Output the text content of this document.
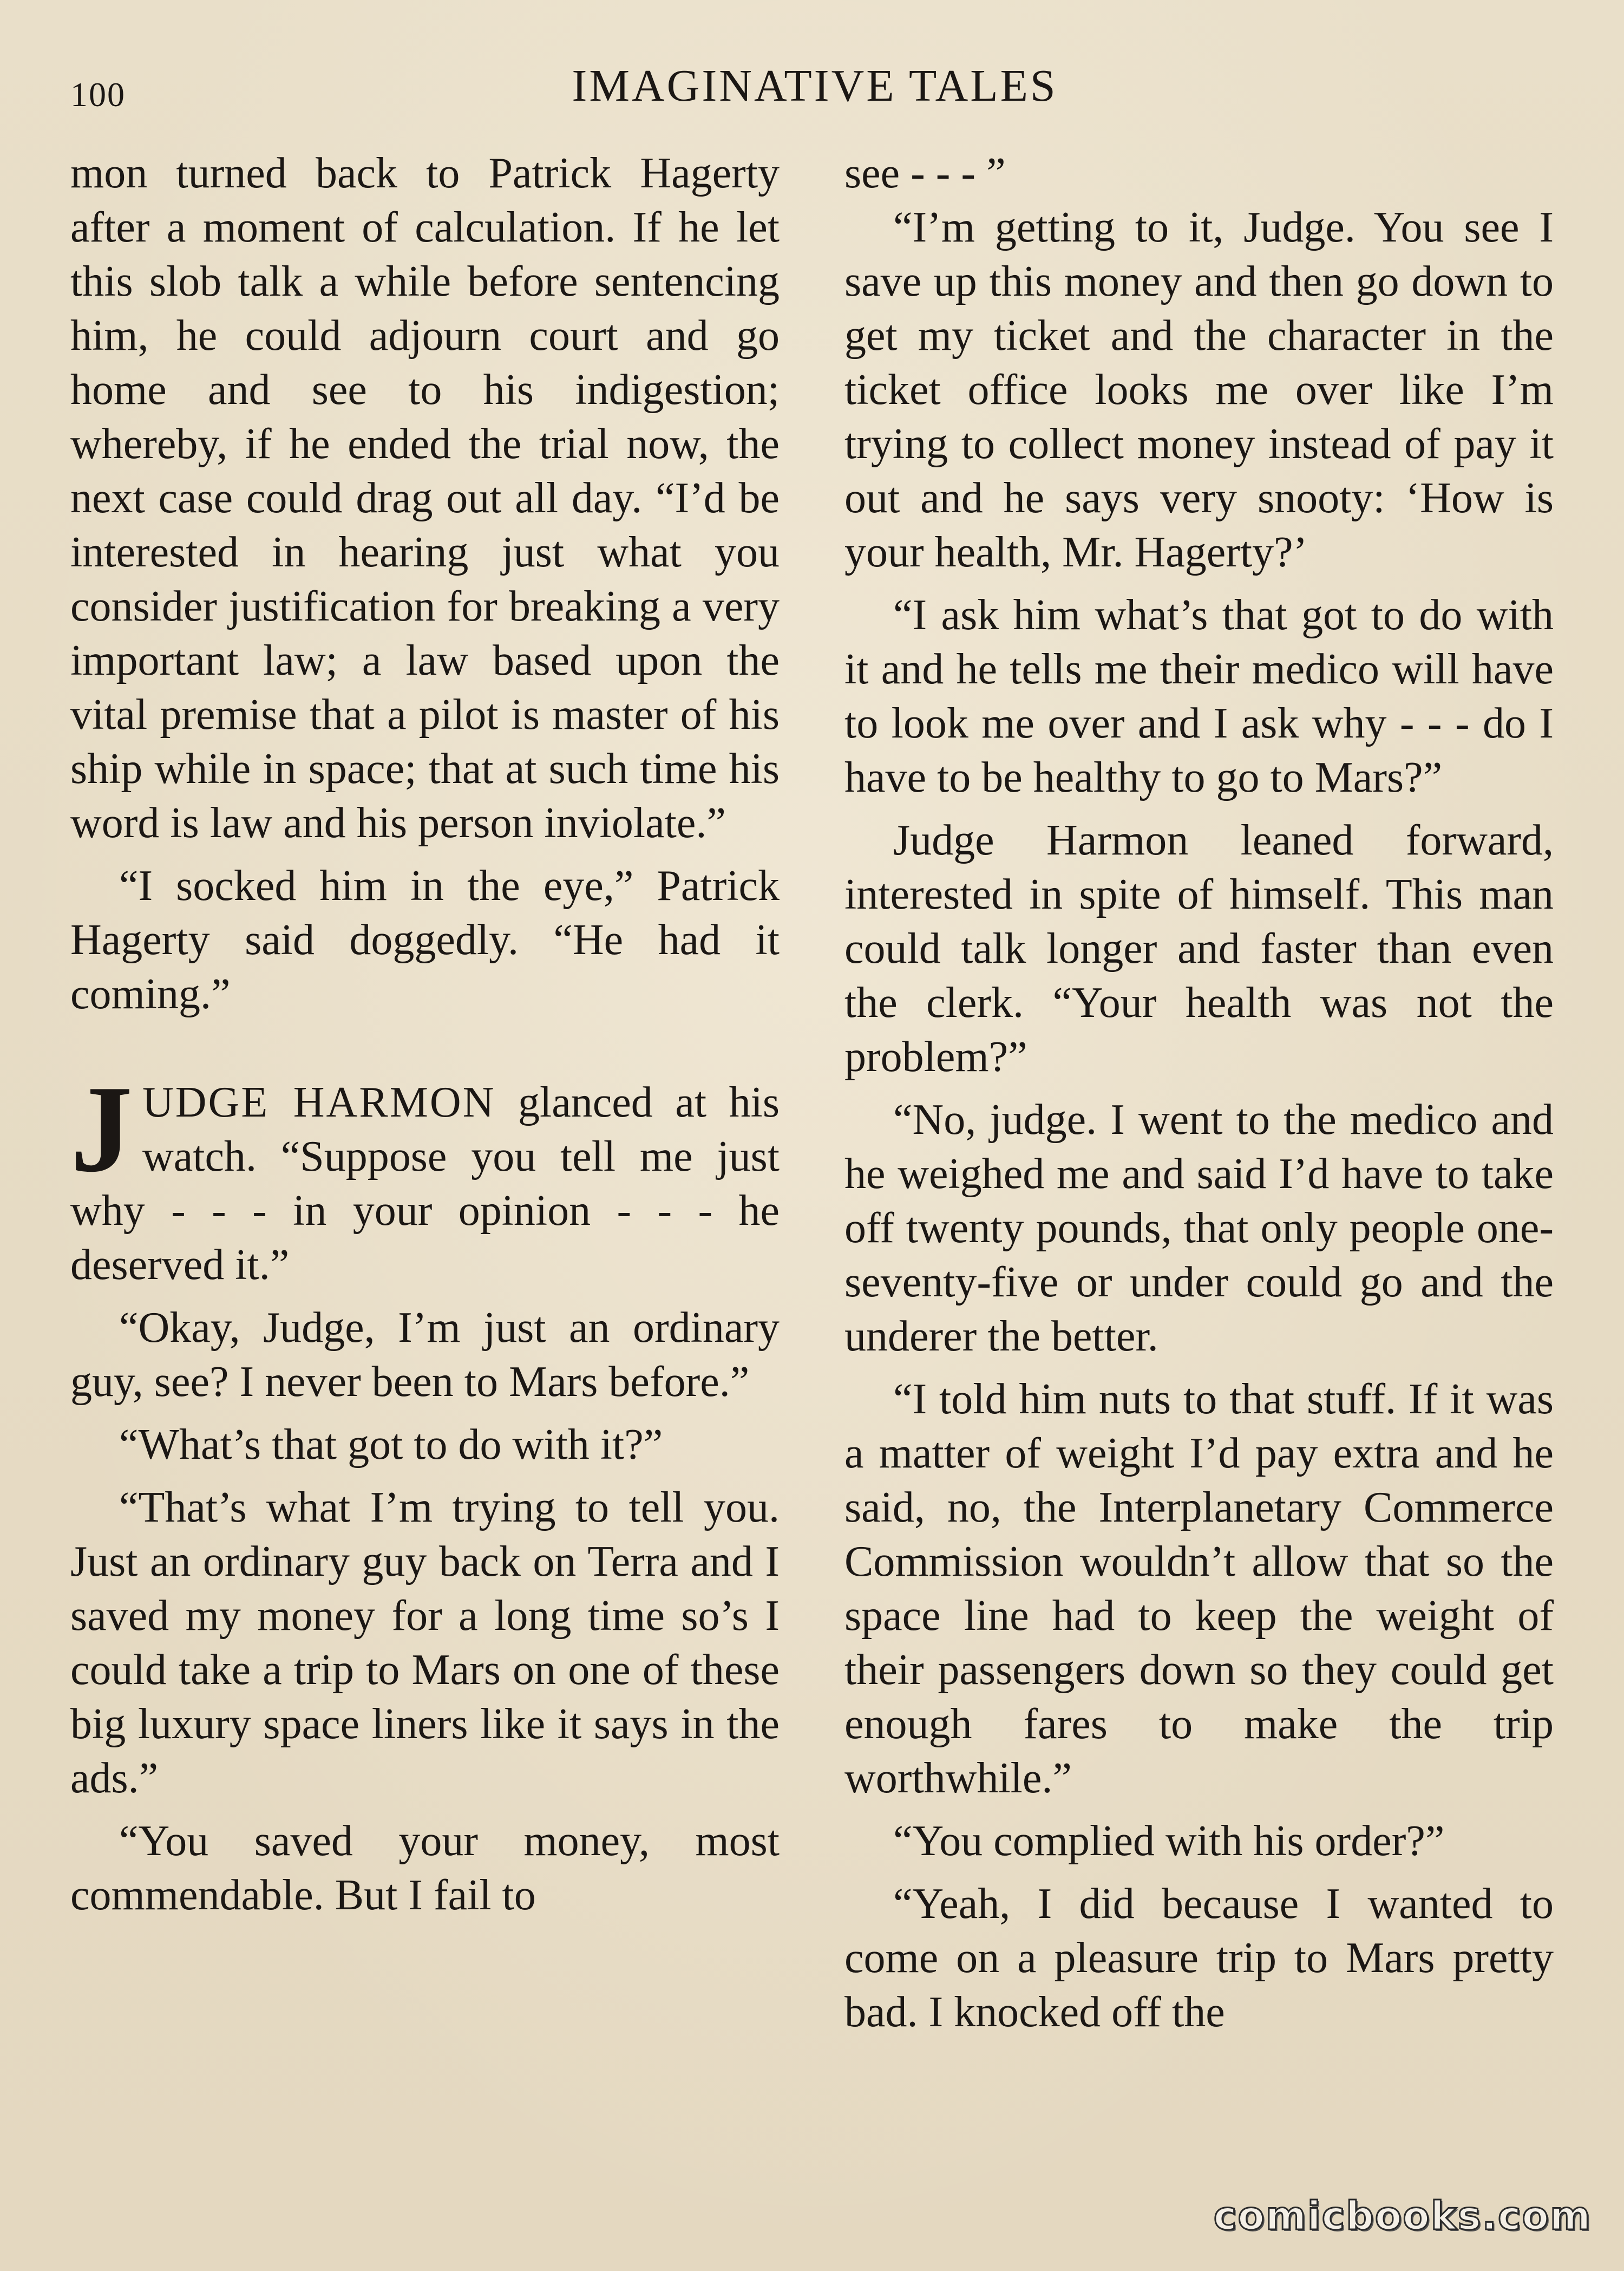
100	IMAGINATIVE TALES

mon turned back to Patrick Hagerty after a moment of calculation. If he let this slob talk a while before sentencing him, he could adjourn court and go home and see to his indigestion; whereby, if he ended the trial now, the next case could drag out all day. “I’d be interested in hearing just what you consider justification for breaking a very important law; a law based upon the vital premise that a pilot is master of his ship while in space; that at such time his word is law and his person inviolate.”

“I socked him in the eye,” Patrick Hagerty said doggedly. “He had it coming.”

JUDGE HARMON glanced at his watch. “Suppose you tell me just why - - - in your opinion - - - he deserved it.”

“Okay, Judge, I’m just an ordinary guy, see? I never been to Mars before.”

“What’s that got to do with it?”

“That’s what I’m trying to tell you. Just an ordinary guy back on Terra and I saved my money for a long time so’s I could take a trip to Mars on one of these big luxury space liners like it says in the ads.”

“You saved your money, most commendable. But I fail to

see - - - ”

“I’m getting to it, Judge. You see I save up this money and then go down to get my ticket and the character in the ticket office looks me over like I’m trying to collect money instead of pay it out and he says very snooty: ‘How is your health, Mr. Hagerty?’

“I ask him what’s that got to do with it and he tells me their medico will have to look me over and I ask why - - - do I have to be healthy to go to Mars?”

Judge Harmon leaned forward, interested in spite of himself. This man could talk longer and faster than even the clerk. “Your health was not the problem?”

“No, judge. I went to the medico and he weighed me and said I’d have to take off twenty pounds, that only people one-seventy-five or under could go and the underer the better.

“I told him nuts to that stuff. If it was a matter of weight I’d pay extra and he said, no, the Interplanetary Commerce Commission wouldn’t allow that so the space line had to keep the weight of their passengers down so they could get enough fares to make the trip worthwhile.”

“You complied with his order?”

“Yeah, I did because I wanted to come on a pleasure trip to Mars pretty bad. I knocked off the

comicbooks.com
